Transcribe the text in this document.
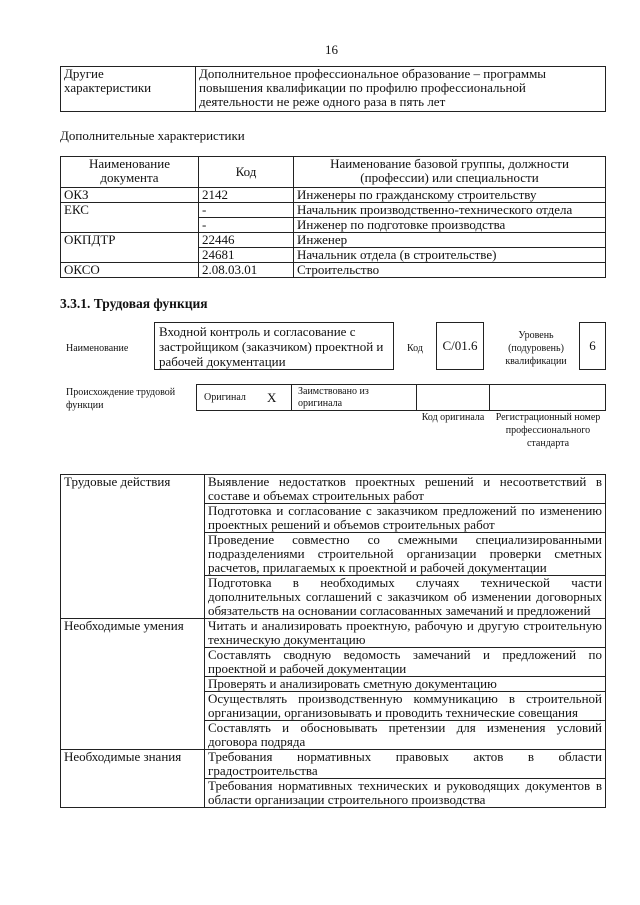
16
Другие характеристики	Дополнительное профессиональное образование – программы повышения квалификации по профилю профессиональной деятельности не реже одного раза в пять лет
Дополнительные характеристики
Наименование документа	Код	Наименование базовой группы, должности (профессии) или специальности
ОКЗ	2142	Инженеры по гражданскому строительству
ЕКС	-	Начальник производственно-технического отдела
	-	Инженер по подготовке производства
ОКПДТР	22446	Инженер
	24681	Начальник отдела (в строительстве)
ОКСО	2.08.03.01	Строительство
3.3.1. Трудовая функция
Наименование
Входной контроль и согласование с застройщиком (заказчиком) проектной и рабочей документации
Код	С/01.6
Уровень (подуровень) квалификации
6
Происхождение трудовой функции
Оригинал X	Заимствовано из оригинала
Код оригинала Регистрационный номер профессионального стандарта
Трудовые действия	Выявление недостатков проектных решений и несоответствий в составе и объемах строительных работ
	Подготовка и согласование с заказчиком предложений по изменению проектных решений и объемов строительных работ
	Проведение совместно со смежными специализированными подразделениями строительной организации проверки сметных расчетов, прилагаемых к проектной и рабочей документации
	Подготовка в необходимых случаях технической части дополнительных соглашений с заказчиком об изменении договорных обязательств на основании согласованных замечаний и предложений
Необходимые умения	Читать и анализировать проектную, рабочую и другую строительную техническую документацию
	Составлять сводную ведомость замечаний и предложений по проектной и рабочей документации
	Проверять и анализировать сметную документацию
	Осуществлять производственную коммуникацию в строительной организации, организовывать и проводить технические совещания
	Составлять и обосновывать претензии для изменения условий договора подряда
Необходимые знания	Требования нормативных правовых актов в области градостроительства
	Требования нормативных технических и руководящих документов в области организации строительного производства
